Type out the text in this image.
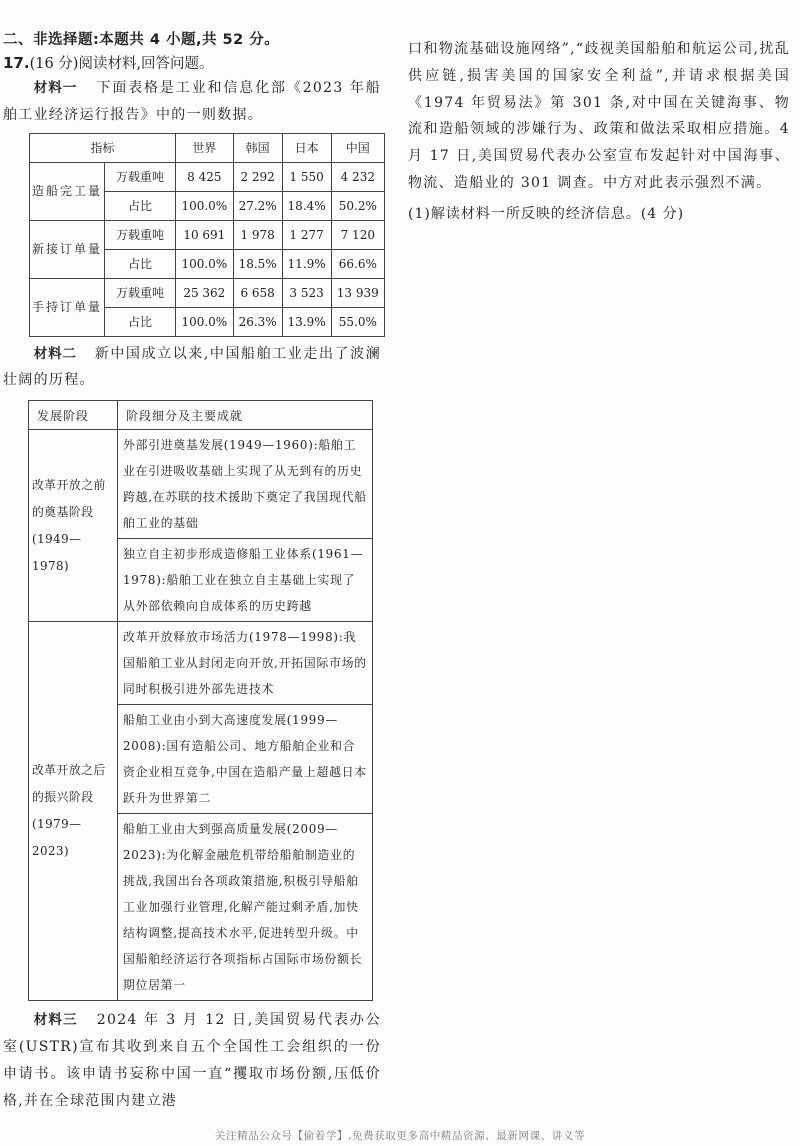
二、非选择题:本题共 4 小题,共 52 分。
17.(16 分)阅读材料,回答问题。
材料一 下面表格是工业和信息化部《2023 年船舶工业经济运行报告》中的一则数据。
指标		世界	韩国	日本	中国
造船完工量	万载重吨	8 425	2 292	1 550	4 232
	占比	100.0%	27.2%	18.4%	50.2%
新接订单量	万载重吨	10 691	1 978	1 277	7 120
	占比	100.0%	18.5%	11.9%	66.6%
手持订单量	万载重吨	25 362	6 658	3 523	13 939
	占比	100.0%	26.3%	13.9%	55.0%
材料二 新中国成立以来,中国船舶工业走出了波澜壮阔的历程。
发展阶段	阶段细分及主要成就
改革开放之前的奠基阶段(1949—1978)	外部引进奠基发展(1949—1960):船舶工业在引进吸收基础上实现了从无到有的历史跨越,在苏联的技术援助下奠定了我国现代船舶工业的基础
	独立自主初步形成造修船工业体系(1961—1978):船舶工业在独立自主基础上实现了从外部依赖向自成体系的历史跨越
改革开放之后的振兴阶段(1979—2023)	改革开放释放市场活力(1978—1998):我国船舶工业从封闭走向开放,开拓国际市场的同时积极引进外部先进技术
	船舶工业由小到大高速度发展(1999—2008):国有造船公司、地方船舶企业和合资企业相互竞争,中国在造船产量上超越日本跃升为世界第二
	船舶工业由大到强高质量发展(2009—2023):为化解金融危机带给船舶制造业的挑战,我国出台各项政策措施,积极引导船舶工业加强行业管理,化解产能过剩矛盾,加快结构调整,提高技术水平,促进转型升级。中国船舶经济运行各项指标占国际市场份额长期位居第一
材料三 2024 年 3 月 12 日,美国贸易代表办公室(USTR)宣布其收到来自五个全国性工会组织的一份申请书。该申请书妄称中国一直“攫取市场份额,压低价格,并在全球范围内建立港
口和物流基础设施网络”,“歧视美国船舶和航运公司,扰乱供应链,损害美国的国家安全利益”,并请求根据美国《1974 年贸易法》第 301 条,对中国在关键海事、物流和造船领域的涉嫌行为、政策和做法采取相应措施。4 月 17 日,美国贸易代表办公室宣布发起针对中国海事、物流、造船业的 301 调查。中方对此表示强烈不满。
(1)解读材料一所反映的经济信息。(4 分)
关注精品公众号【偷着学】,免费获取更多高中精品资源、最新网课、讲义等
